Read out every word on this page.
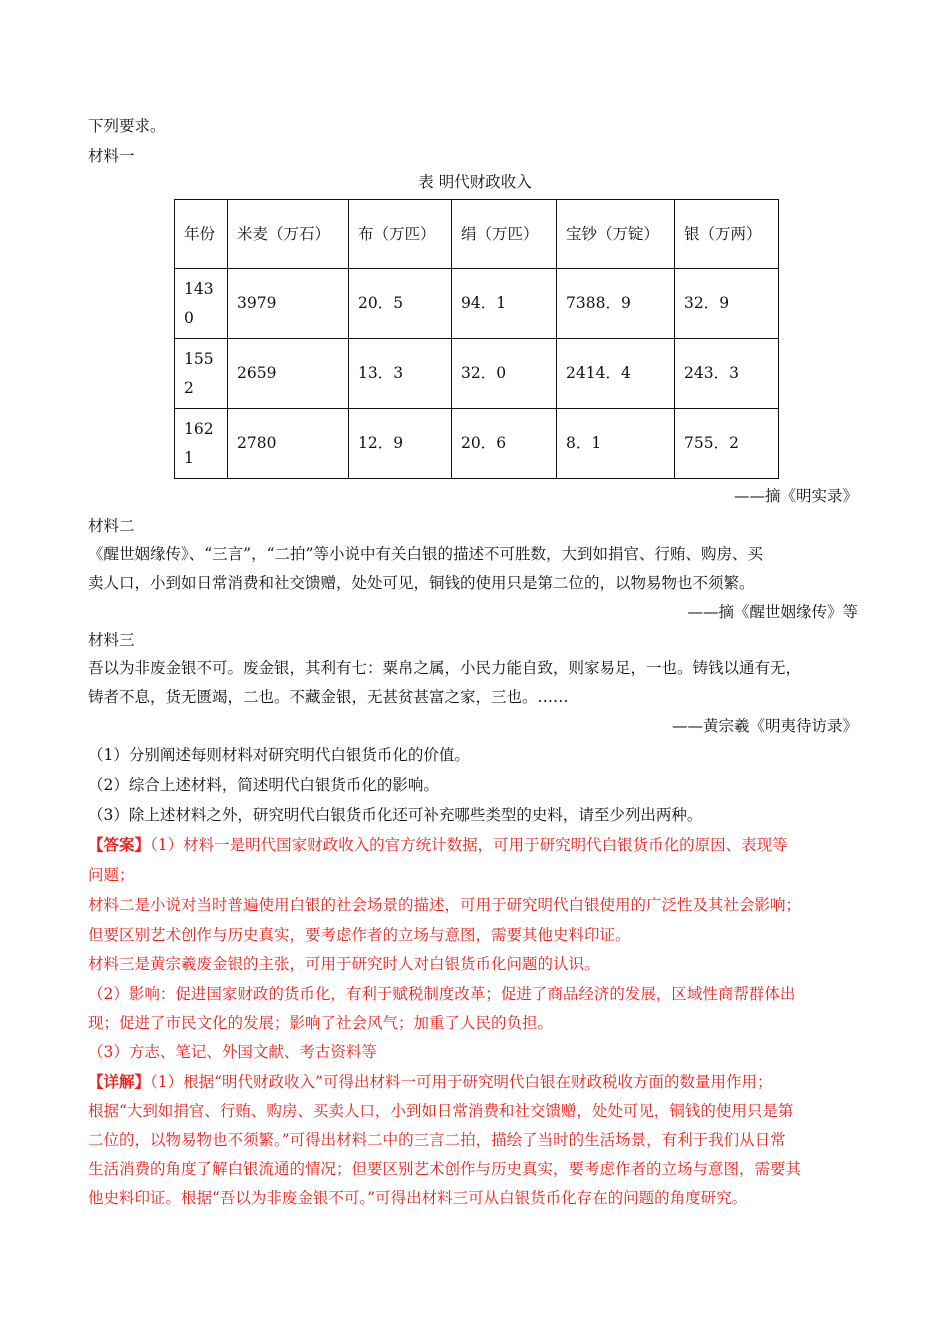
下列要求。
材料一
表 明代财政收入
年份	米麦（万石）	布（万匹）	绢（万匹）	宝钞（万锭）	银（万两）
1430	3979	20．5	94．1	7388．9	32．9
1552	2659	13．3	32．0	2414．4	243．3
1621	2780	12．9	20．6	8．1	755．2
——摘《明实录》
材料二
《醒世姻缘传》、“三言”，“二拍”等小说中有关白银的描述不可胜数，大到如捐官、行贿、购房、买
卖人口，小到如日常消费和社交馈赠，处处可见，铜钱的使用只是第二位的，以物易物也不须繁。
——摘《醒世姻缘传》等
材料三
吾以为非废金银不可。废金银，其利有七：粟帛之属，小民力能自致，则家易足，一也。铸钱以通有无，
铸者不息，货无匮竭，二也。不藏金银，无甚贫甚富之家，三也。……
——黄宗羲《明夷待访录》
（1）分别阐述每则材料对研究明代白银货币化的价值。
（2）综合上述材料，简述明代白银货币化的影响。
（3）除上述材料之外，研究明代白银货币化还可补充哪些类型的史料，请至少列出两种。
【答案】（1）材料一是明代国家财政收入的官方统计数据，可用于研究明代白银货币化的原因、表现等
问题；
材料二是小说对当时普遍使用白银的社会场景的描述，可用于研究明代白银使用的广泛性及其社会影响；
但要区别艺术创作与历史真实，要考虑作者的立场与意图，需要其他史料印证。
材料三是黄宗羲废金银的主张，可用于研究时人对白银货币化问题的认识。
（2）影响：促进国家财政的货币化，有利于赋税制度改革；促进了商品经济的发展，区域性商帮群体出
现；促进了市民文化的发展；影响了社会风气；加重了人民的负担。
（3）方志、笔记、外国文献、考古资料等
【详解】（1）根据“明代财政收入”可得出材料一可用于研究明代白银在财政税收方面的数量用作用；
根据“大到如捐官、行贿、购房、买卖人口，小到如日常消费和社交馈赠，处处可见，铜钱的使用只是第
二位的，以物易物也不须繁。”可得出材料二中的三言二拍，描绘了当时的生活场景，有利于我们从日常
生活消费的角度了解白银流通的情况；但要区别艺术创作与历史真实，要考虑作者的立场与意图，需要其
他史料印证。根据“吾以为非废金银不可。”可得出材料三可从白银货币化存在的问题的角度研究。
